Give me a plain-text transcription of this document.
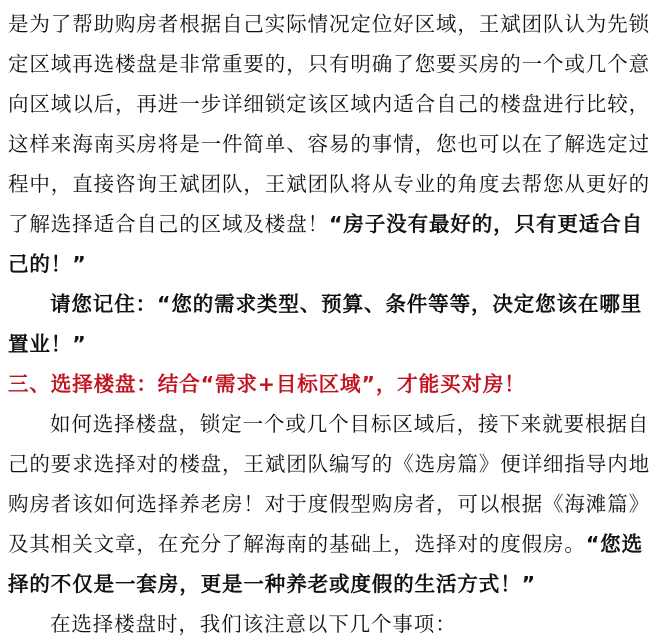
是为了帮助购房者根据自己实际情况定位好区域，王斌团队认为先锁
定区域再选楼盘是非常重要的，只有明确了您要买房的一个或几个意
向区域以后，再进一步详细锁定该区域内适合自己的楼盘进行比较，
这样来海南买房将是一件简单、容易的事情，您也可以在了解选定过
程中，直接咨询王斌团队，王斌团队将从专业的角度去帮您从更好的
了解选择适合自己的区域及楼盘！“房子没有最好的，只有更适合自
己的！”
请您记住：“您的需求类型、预算、条件等等，决定您该在哪里
置业！”
三、选择楼盘：结合“需求+目标区域”，才能买对房！
如何选择楼盘，锁定一个或几个目标区域后，接下来就要根据自
己的要求选择对的楼盘，王斌团队编写的《选房篇》便详细指导内地
购房者该如何选择养老房！对于度假型购房者，可以根据《海滩篇》
及其相关文章，在充分了解海南的基础上，选择对的度假房。“您选
择的不仅是一套房，更是一种养老或度假的生活方式！”
在选择楼盘时，我们该注意以下几个事项：
